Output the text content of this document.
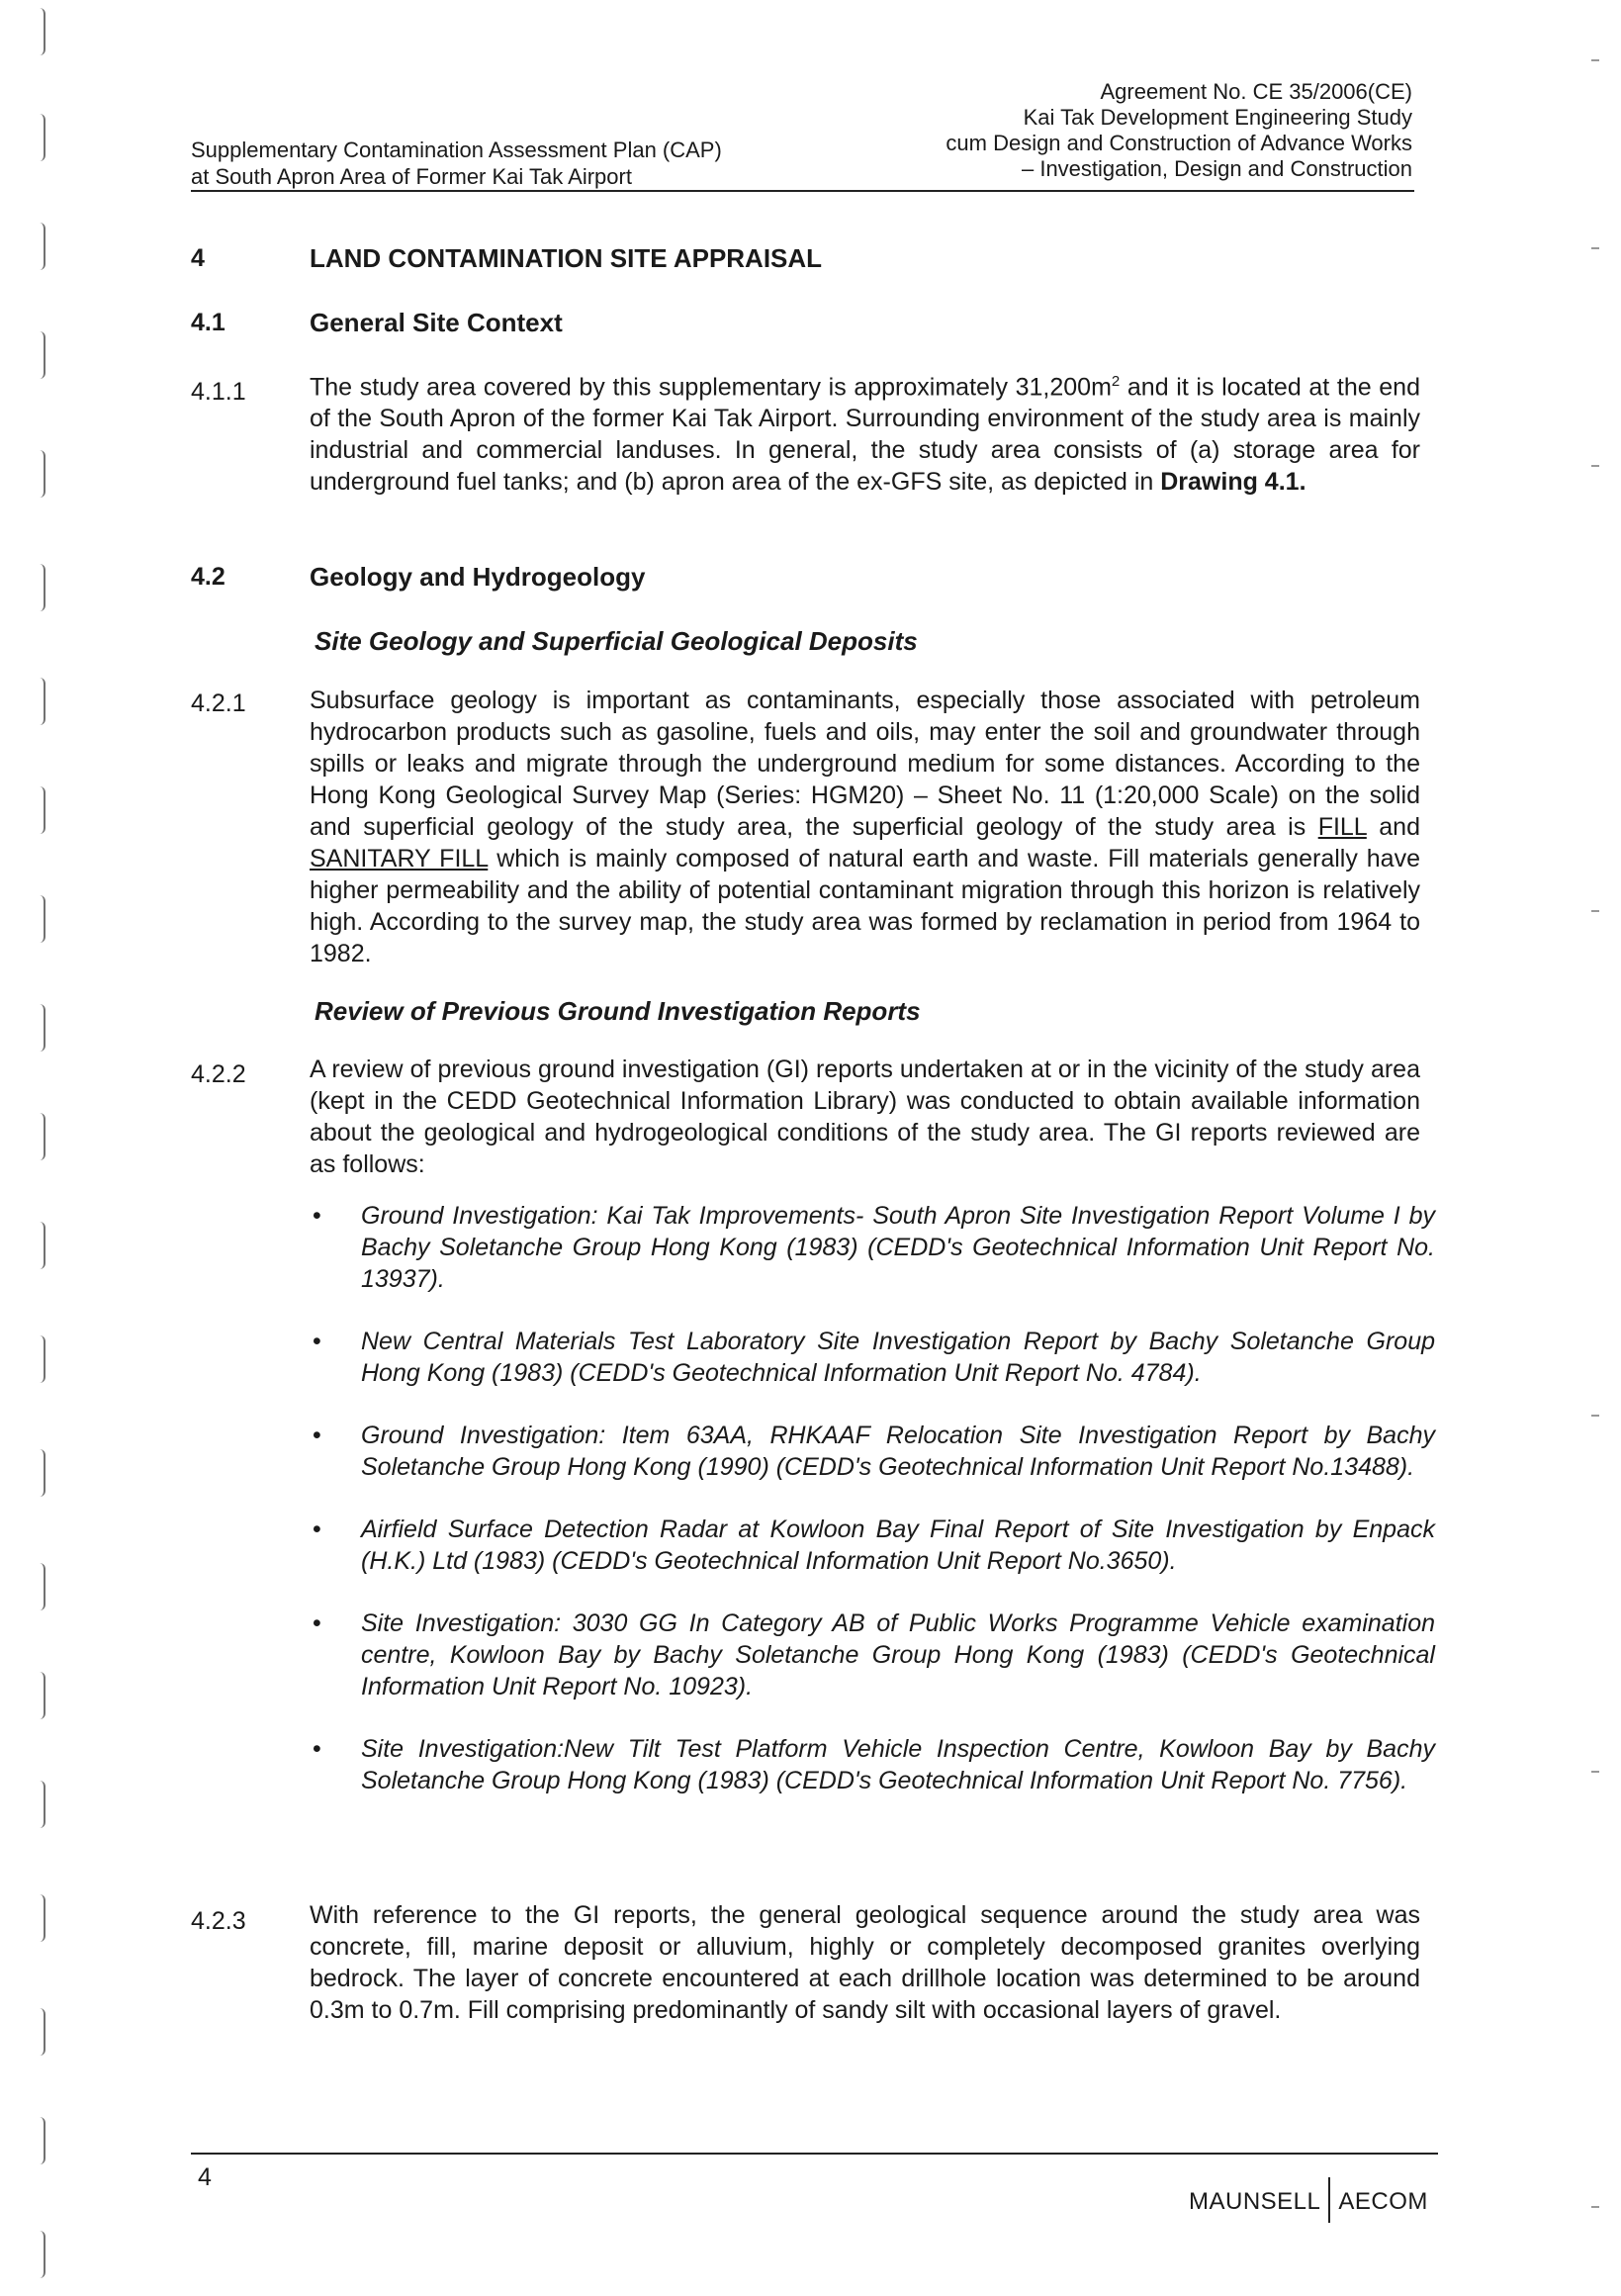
Supplementary Contamination Assessment Plan (CAP)
at South Apron Area of Former Kai Tak Airport
Agreement No. CE 35/2006(CE)
Kai Tak Development Engineering Study
cum Design and Construction of Advance Works
– Investigation, Design and Construction
4	LAND CONTAMINATION SITE APPRAISAL
4.1	General Site Context
4.1.1	The study area covered by this supplementary is approximately $31,200m^2$ and it is located at the end of the South Apron of the former Kai Tak Airport. Surrounding environment of the study area is mainly industrial and commercial landuses. In general, the study area consists of (a) storage area for underground fuel tanks; and (b) apron area of the ex-GFS site, as depicted in Drawing 4.1.
4.2	Geology and Hydrogeology
Site Geology and Superficial Geological Deposits
4.2.1	Subsurface geology is important as contaminants, especially those associated with petroleum hydrocarbon products such as gasoline, fuels and oils, may enter the soil and groundwater through spills or leaks and migrate through the underground medium for some distances. According to the Hong Kong Geological Survey Map (Series: HGM20) – Sheet No. 11 (1:20,000 Scale) on the solid and superficial geology of the study area, the superficial geology of the study area is FILL and SANITARY FILL which is mainly composed of natural earth and waste. Fill materials generally have higher permeability and the ability of potential contaminant migration through this horizon is relatively high. According to the survey map, the study area was formed by reclamation in period from 1964 to 1982.
Review of Previous Ground Investigation Reports
4.2.2	A review of previous ground investigation (GI) reports undertaken at or in the vicinity of the study area (kept in the CEDD Geotechnical Information Library) was conducted to obtain available information about the geological and hydrogeological conditions of the study area. The GI reports reviewed are as follows:
• Ground Investigation: Kai Tak Improvements- South Apron Site Investigation Report Volume I by Bachy Soletanche Group Hong Kong (1983) (CEDD's Geotechnical Information Unit Report No. 13937).
• New Central Materials Test Laboratory Site Investigation Report by Bachy Soletanche Group Hong Kong (1983) (CEDD's Geotechnical Information Unit Report No. 4784).
• Ground Investigation: Item 63AA, RHKAAF Relocation Site Investigation Report by Bachy Soletanche Group Hong Kong (1990) (CEDD's Geotechnical Information Unit Report No.13488).
• Airfield Surface Detection Radar at Kowloon Bay Final Report of Site Investigation by Enpack (H.K.) Ltd (1983) (CEDD's Geotechnical Information Unit Report No.3650).
• Site Investigation: 3030 GG In Category AB of Public Works Programme Vehicle examination centre, Kowloon Bay by Bachy Soletanche Group Hong Kong (1983) (CEDD's Geotechnical Information Unit Report No. 10923).
• Site Investigation:New Tilt Test Platform Vehicle Inspection Centre, Kowloon Bay by Bachy Soletanche Group Hong Kong (1983) (CEDD's Geotechnical Information Unit Report No. 7756).
4.2.3	With reference to the GI reports, the general geological sequence around the study area was concrete, fill, marine deposit or alluvium, highly or completely decomposed granites overlying bedrock. The layer of concrete encountered at each drillhole location was determined to be around 0.3m to 0.7m. Fill comprising predominantly of sandy silt with occasional layers of gravel.
4
MAUNSELL AECOM
